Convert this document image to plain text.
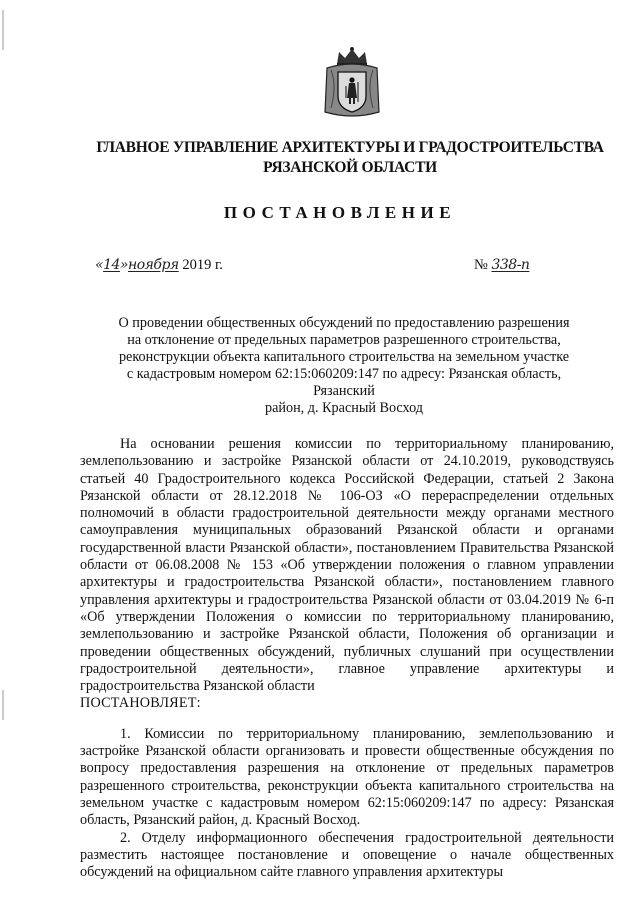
ГЛАВНОЕ УПРАВЛЕНИЕ АРХИТЕКТУРЫ И ГРАДОСТРОИТЕЛЬСТВА
РЯЗАНСКОЙ ОБЛАСТИ
ПОСТАНОВЛЕНИЕ
«14»ноября 2019 г.	№ 338-п
О проведении общественных обсуждений по предоставлению разрешения
на отклонение от предельных параметров разрешенного строительства,
реконструкции объекта капитального строительства на земельном участке
с кадастровым номером 62:15:060209:147 по адресу: Рязанская область, Рязанский
район, д. Красный Восход

На основании решения комиссии по территориальному планированию, землепользованию и застройке Рязанской области от 24.10.2019, руководствуясь статьей 40 Градостроительного кодекса Российской Федерации, статьей 2 Закона Рязанской области от 28.12.2018 № 106-ОЗ «О перераспределении отдельных полномочий в области градостроительной деятельности между органами местного самоуправления муниципальных образований Рязанской области и органами государственной власти Рязанской области», постановлением Правительства Рязанской области от 06.08.2008 № 153 «Об утверждении положения о главном управлении архитектуры и градостроительства Рязанской области», постановлением главного управления архитектуры и градостроительства Рязанской области от 03.04.2019 № 6-п «Об утверждении Положения о комиссии по территориальному планированию, землепользованию и застройке Рязанской области, Положения об организации и проведении общественных обсуждений, публичных слушаний при осуществлении градостроительной деятельности», главное управление архитектуры и градостроительства Рязанской области

ПОСТАНОВЛЯЕТ:

1. Комиссии по территориальному планированию, землепользованию и застройке Рязанской области организовать и провести общественные обсуждения по вопросу предоставления разрешения на отклонение от предельных параметров разрешенного строительства, реконструкции объекта капитального строительства на земельном участке с кадастровым номером 62:15:060209:147 по адресу: Рязанская область, Рязанский район, д. Красный Восход.

2. Отделу информационного обеспечения градостроительной деятельности разместить настоящее постановление и оповещение о начале общественных обсуждений на официальном сайте главного управления архитектуры
